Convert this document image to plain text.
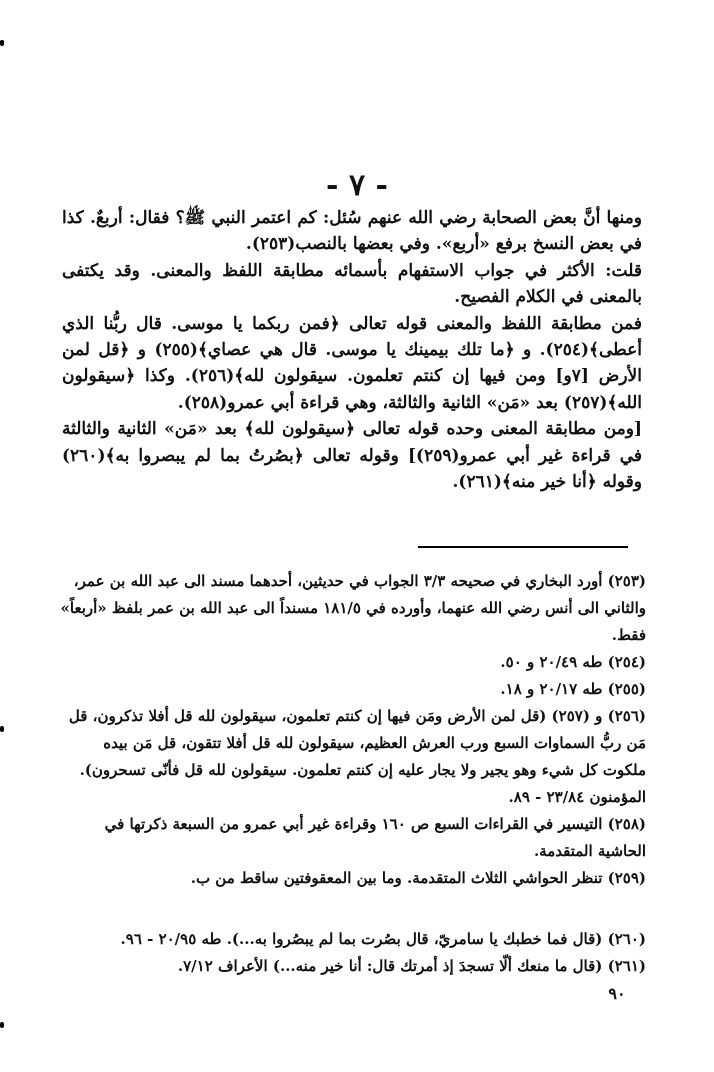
- ٧ -

ومنها أنَّ بعض الصحابة رضي الله عنهم سُئل: كم اعتمر النبي ﷺ؟ فقال: أربعٌ. كذا في بعض النسخ برفع «أربع». وفي بعضها بالنصب(٢٥٣).

قلت: الأكثر في جواب الاستفهام بأسمائه مطابقة اللفظ والمعنى. وقد يكتفى بالمعنى في الكلام الفصيح.

فمن مطابقة اللفظ والمعنى قوله تعالى ﴿فمن ربكما يا موسى. قال ربُّنا الذي أعطى﴾(٢٥٤). و ﴿ما تلك بيمينك يا موسى. قال هي عصاي﴾(٢٥٥) و ﴿قل لمن الأرض [٧و] ومن فيها إن كنتم تعلمون. سيقولون لله﴾(٢٥٦). وكذا ﴿سيقولون الله﴾(٢٥٧) بعد «مَن» الثانية والثالثة، وهي قراءة أبي عمرو(٢٥٨).

[ومن مطابقة المعنى وحده قوله تعالى ﴿سيقولون لله﴾ بعد «مَن» الثانية والثالثة في قراءة غير أبي عمرو(٢٥٩)] وقوله تعالى ﴿بصُرتُ بما لم يبصروا به﴾(٢٦٠) وقوله ﴿أنا خير منه﴾(٢٦١).

(٢٥٣) أورد البخاري في صحيحه ٣/٣ الجواب في حديثين، أحدهما مسند الى عبد الله بن عمر، والثاني الى أنس رضي الله عنهما، وأورده في ١٨١/٥ مسنداً الى عبد الله بن عمر بلفظ «أربعاً» فقط.

(٢٥٤) طه ٢٠/٤٩ و ٥٠.

(٢٥٥) طه ٢٠/١٧ و ١٨.

(٢٥٦) و (٢٥٧) (قل لمن الأرض ومَن فيها إن كنتم تعلمون، سيقولون لله قل أفلا تذكرون، قل مَن ربُّ السماوات السبع ورب العرش العظيم، سيقولون لله قل أفلا تتقون، قل مَن بيده ملكوت كل شيء وهو يجير ولا يجار عليه إن كنتم تعلمون. سيقولون لله قل فأنّى تسحرون). المؤمنون ٢٣/٨٤ - ٨٩.

(٢٥٨) التيسير في القراءات السبع ص ١٦٠ وقراءة غير أبي عمرو من السبعة ذكرتها في الحاشية المتقدمة.

(٢٥٩) تنظر الحواشي الثلاث المتقدمة. وما بين المعقوفتين ساقط من ب.

(٢٦٠) (قال فما خطبك يا سامريّ، قال بصُرت بما لم يبصُروا به...). طه ٢٠/٩٥ - ٩٦.

(٢٦١) (قال ما منعك ألّا تسجدَ إذ أمرتك قال: أنا خير منه...) الأعراف ٧/١٢.

٩٠
